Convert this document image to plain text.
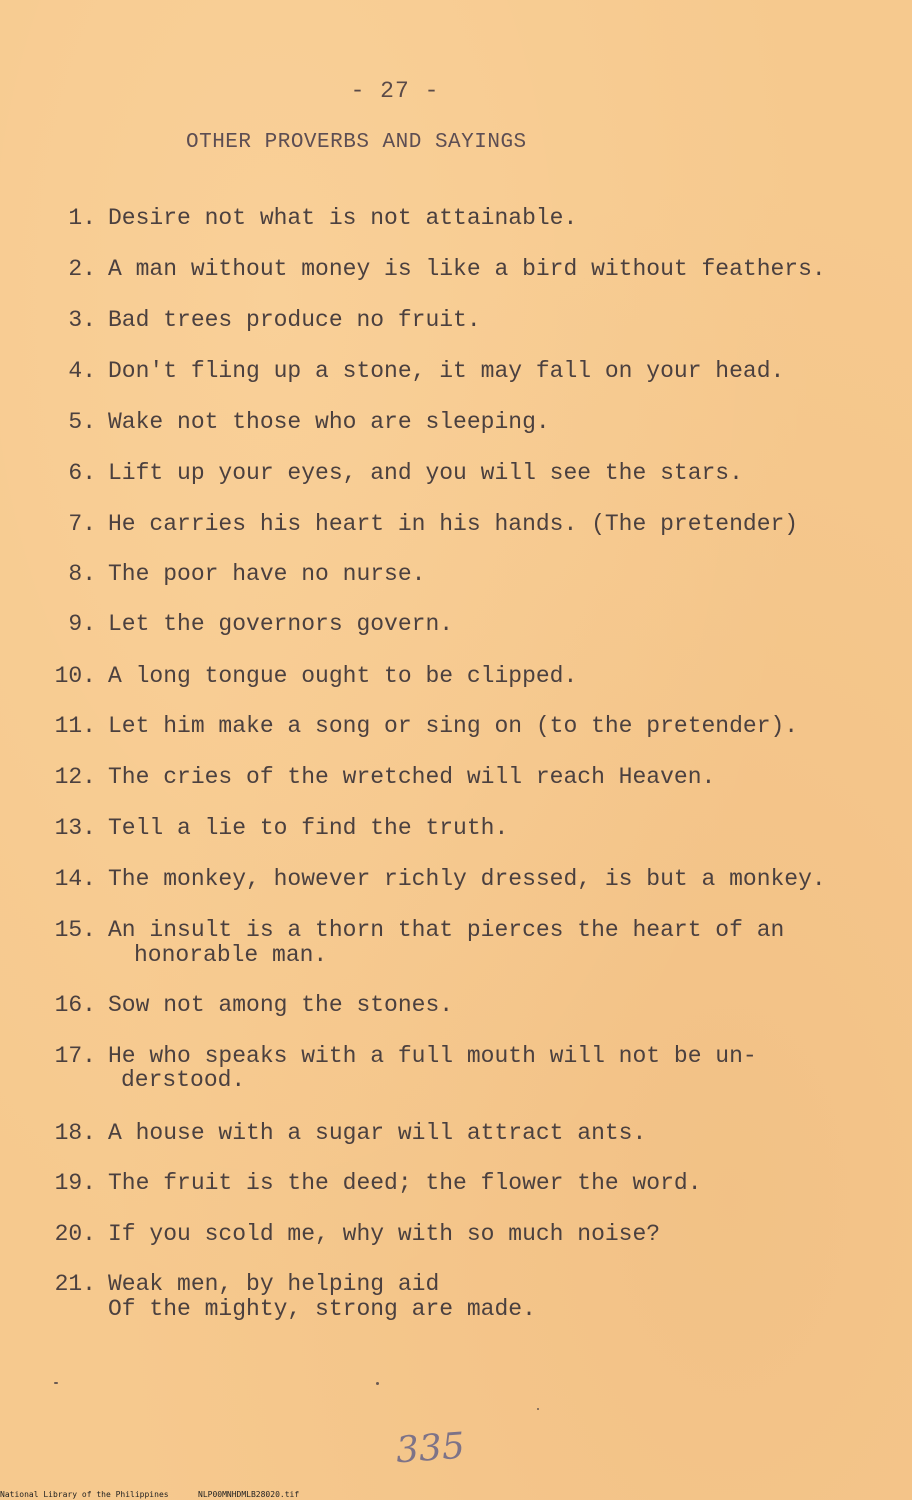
- 27 -
OTHER PROVERBS AND SAYINGS
1. Desire not what is not attainable.
2. A man without money is like a bird without feathers.
3. Bad trees produce no fruit.
4. Don't fling up a stone, it may fall on your head.
5. Wake not those who are sleeping.
6. Lift up your eyes, and you will see the stars.
7. He carries his heart in his hands. (The pretender)
8. The poor have no nurse.
9. Let the governors govern.
10. A long tongue ought to be clipped.
11. Let him make a song or sing on (to the pretender).
12. The cries of the wretched will reach Heaven.
13. Tell a lie to find the truth.
14. The monkey, however richly dressed, is but a monkey.
15. An insult is a thorn that pierces the heart of an
honorable man.
16. Sow not among the stones.
17. He who speaks with a full mouth will not be un-
derstood.
18. A house with a sugar will attract ants.
19. The fruit is the deed; the flower the word.
20. If you scold me, why with so much noise?
21. Weak men, by helping aid
Of the mighty, strong are made.
335
National Library of the Philippines	NLP00MNHDMLB28020.tif
